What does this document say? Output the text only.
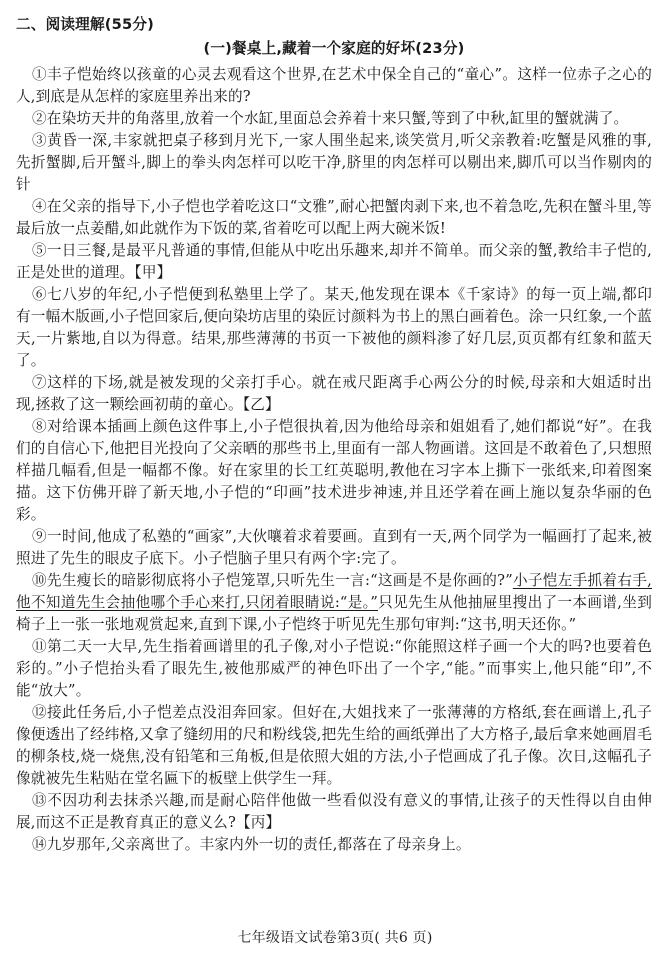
二、阅读理解(55分)
(一)餐桌上,藏着一个家庭的好坏(23分)

①丰子恺始终以孩童的心灵去观看这个世界,在艺术中保全自己的“童心”。这样一位赤子之心的人,到底是从怎样的家庭里养出来的?

②在染坊天井的角落里,放着一个水缸,里面总会养着十来只蟹,等到了中秋,缸里的蟹就满了。

③黄昏一深,丰家就把桌子移到月光下,一家人围坐起来,谈笑赏月,听父亲教着:吃蟹是风雅的事,先折蟹脚,后开蟹斗,脚上的拳头肉怎样可以吃干净,脐里的肉怎样可以剔出来,脚爪可以当作剔肉的针

④在父亲的指导下,小子恺也学着吃这口“文雅”,耐心把蟹肉剥下来,也不着急吃,先积在蟹斗里,等最后放一点姜醋,如此就作为下饭的菜,省着吃可以配上两大碗米饭!

⑤一日三餐,是最平凡普通的事情,但能从中吃出乐趣来,却并不简单。而父亲的蟹,教给丰子恺的,正是处世的道理。【甲】

⑥七八岁的年纪,小子恺便到私塾里上学了。某天,他发现在课本《千家诗》的每一页上端,都印有一幅木版画,小子恺回家后,便向染坊店里的染匠讨颜料为书上的黑白画着色。涂一只红象,一个蓝天,一片紫地,自以为得意。结果,那些薄薄的书页一下被他的颜料渗了好几层,页页都有红象和蓝天了。

⑦这样的下场,就是被发现的父亲打手心。就在戒尺距离手心两公分的时候,母亲和大姐适时出现,拯救了这一颗绘画初萌的童心。【乙】

⑧对给课本插画上颜色这件事上,小子恺很执着,因为他给母亲和姐姐看了,她们都说“好”。在我们的自信心下,他把目光投向了父亲晒的那些书上,里面有一部人物画谱。这回是不敢着色了,只想照样描几幅看,但是一幅都不像。好在家里的长工红英聪明,教他在习字本上撕下一张纸来,印着图案描。这下仿佛开辟了新天地,小子恺的“印画”技术进步神速,并且还学着在画上施以复杂华丽的色彩。

⑨一时间,他成了私塾的“画家”,大伙嚷着求着要画。直到有一天,两个同学为一幅画打了起来,被照进了先生的眼皮子底下。小子恺脑子里只有两个字:完了。

⑩先生瘦长的暗影彻底将小子恺笼罩,只听先生一言:“这画是不是你画的?”小子恺左手抓着右手,他不知道先生会抽他哪个手心来打,只闭着眼睛说:“是。”只见先生从他抽屉里搜出了一本画谱,坐到椅子上一张一张地观赏起来,直到下课,小子恺终于听见先生那句审判:“这书,明天还你。”

⑪第二天一大早,先生指着画谱里的孔子像,对小子恺说:“你能照这样子画一个大的吗?也要着色彩的。”小子恺抬头看了眼先生,被他那威严的神色吓出了一个字,“能。”而事实上,他只能“印”,不能“放大”。

⑫接此任务后,小子恺差点没泪奔回家。但好在,大姐找来了一张薄薄的方格纸,套在画谱上,孔子像便透出了经纬格,又拿了缝纫用的尺和粉线袋,把先生给的画纸弹出了大方格子,最后拿来她画眉毛的柳条枝,烧一烧焦,没有铅笔和三角板,但是依照大姐的方法,小子恺画成了孔子像。次日,这幅孔子像就被先生粘贴在堂名匾下的板壁上供学生一拜。

⑬不因功利去抹杀兴趣,而是耐心陪伴他做一些看似没有意义的事情,让孩子的天性得以自由伸展,而这不正是教育真正的意义么?【丙】

⑭九岁那年,父亲离世了。丰家内外一切的责任,都落在了母亲身上。

七年级语文试卷第3页( 共6 页)
